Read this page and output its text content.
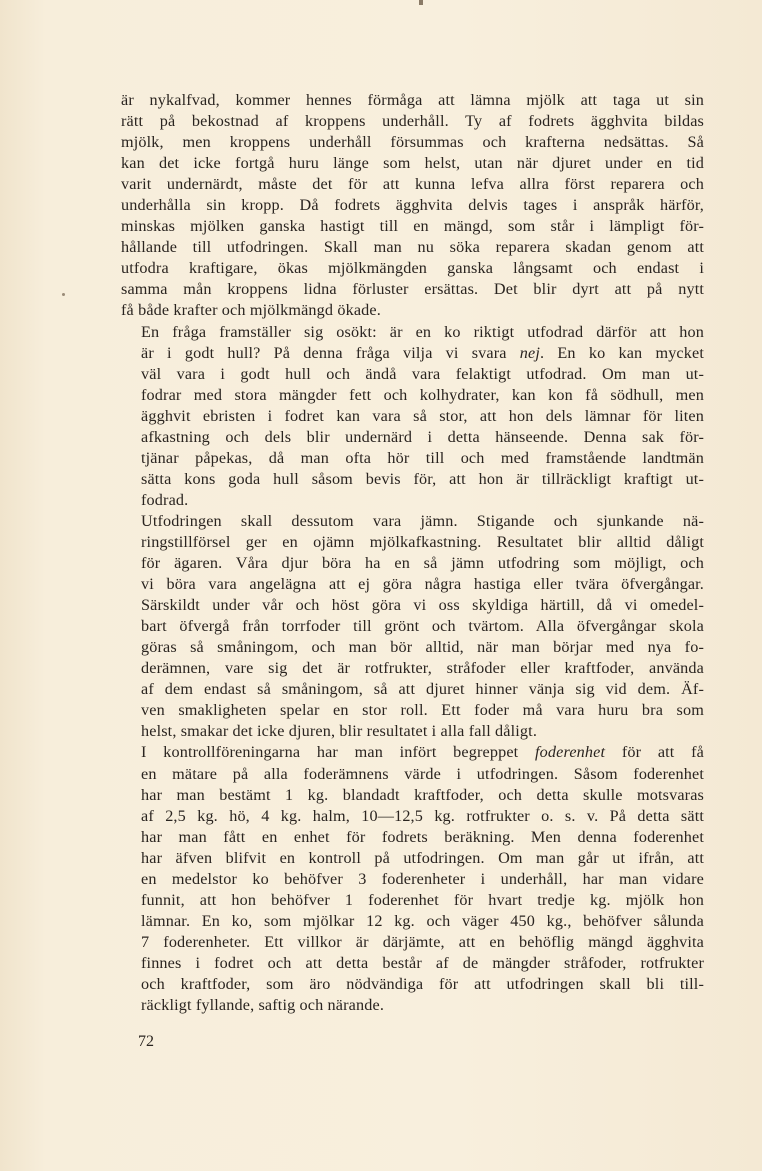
är nykalfvad, kommer hennes förmåga att lämna mjölk att taga ut sin
rätt på bekostnad af kroppens underhåll. Ty af fodrets ägghvita bildas
mjölk, men kroppens underhåll försummas och krafterna nedsättas. Så
kan det icke fortgå huru länge som helst, utan när djuret under en tid
varit undernärdt, måste det för att kunna lefva allra först reparera och
underhålla sin kropp. Då fodrets ägghvita delvis tages i anspråk härför,
minskas mjölken ganska hastigt till en mängd, som står i lämpligt för-
hållande till utfodringen. Skall man nu söka reparera skadan genom att
utfodra kraftigare, ökas mjölkmängden ganska långsamt och endast i
samma mån kroppens lidna förluster ersättas. Det blir dyrt att på nytt
få både krafter och mjölkmängd ökade.

En fråga framställer sig osökt: är en ko riktigt utfodrad därför att hon
är i godt hull? På denna fråga vilja vi svara nej. En ko kan mycket
väl vara i godt hull och ändå vara felaktigt utfodrad. Om man ut-
fodrar med stora mängder fett och kolhydrater, kan kon få södhull, men
ägghvit ebristen i fodret kan vara så stor, att hon dels lämnar för liten
afkastning och dels blir undernärd i detta hänseende. Denna sak för-
tjänar påpekas, då man ofta hör till och med framstående landtmän
sätta kons goda hull såsom bevis för, att hon är tillräckligt kraftigt ut-
fodrad.

Utfodringen skall dessutom vara jämn. Stigande och sjunkande nä-
ringstillförsel ger en ojämn mjölkafkastning. Resultatet blir alltid dåligt
för ägaren. Våra djur böra ha en så jämn utfodring som möjligt, och
vi böra vara angelägna att ej göra några hastiga eller tvära öfvergångar.
Särskildt under vår och höst göra vi oss skyldiga härtill, då vi omedel-
bart öfvergå från torrfoder till grönt och tvärtom. Alla öfvergångar skola
göras så småningom, och man bör alltid, när man börjar med nya fo-
derämnen, vare sig det är rotfrukter, stråfoder eller kraftfoder, använda
af dem endast så småningom, så att djuret hinner vänja sig vid dem. Äf-
ven smakligheten spelar en stor roll. Ett foder må vara huru bra som
helst, smakar det icke djuren, blir resultatet i alla fall dåligt.

I kontrollföreningarna har man infört begreppet foderenhet för att få
en mätare på alla foderämnens värde i utfodringen. Såsom foderenhet
har man bestämt 1 kg. blandadt kraftfoder, och detta skulle motsvaras
af 2,5 kg. hö, 4 kg. halm, 10—12,5 kg. rotfrukter o. s. v. På detta sätt
har man fått en enhet för fodrets beräkning. Men denna foderenhet
har äfven blifvit en kontroll på utfodringen. Om man går ut ifrån, att
en medelstor ko behöfver 3 foderenheter i underhåll, har man vidare
funnit, att hon behöfver 1 foderenhet för hvart tredje kg. mjölk hon
lämnar. En ko, som mjölkar 12 kg. och väger 450 kg., behöfver sålunda
7 foderenheter. Ett villkor är därjämte, att en behöflig mängd ägghvita
finnes i fodret och att detta består af de mängder stråfoder, rotfrukter
och kraftfoder, som äro nödvändiga för att utfodringen skall bli till-
räckligt fyllande, saftig och närande.

72
